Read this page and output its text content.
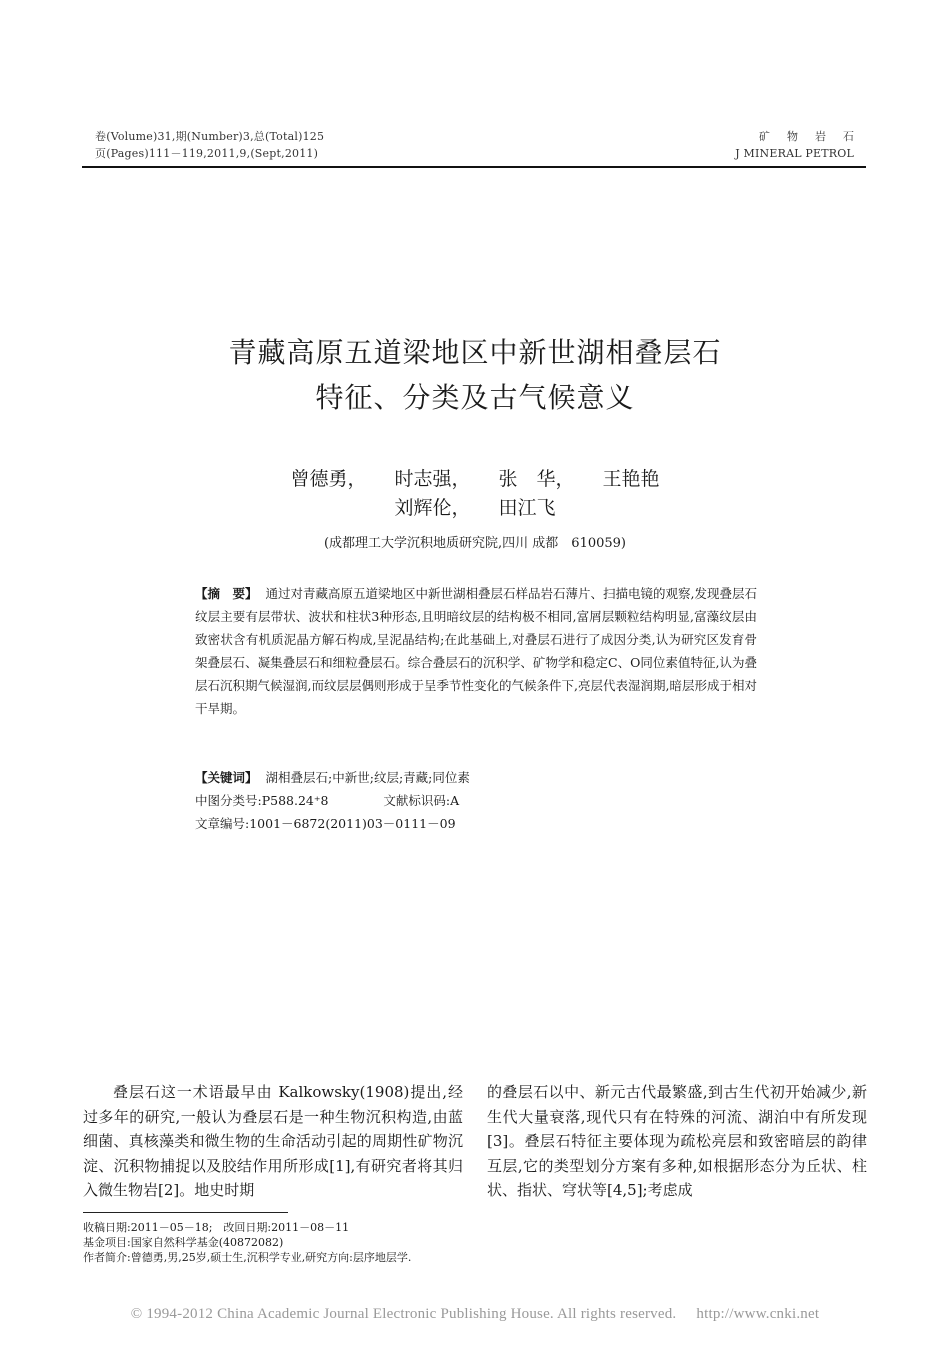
卷(Volume)31,期(Number)3,总(Total)125
页(Pages)111－119,2011,9,(Sept,2011)
矿物岩石
J MINERAL PETROL
青藏高原五道梁地区中新世湖相叠层石
特征、分类及古气候意义
曾德勇， 时志强， 张　华， 王艳艳
刘辉伦， 田江飞
(成都理工大学沉积地质研究院,四川 成都　610059)
【摘　要】 通过对青藏高原五道梁地区中新世湖相叠层石样品岩石薄片、扫描电镜的观察,发现叠层石纹层主要有层带状、波状和柱状3种形态,且明暗纹层的结构极不相同,富屑层颗粒结构明显,富藻纹层由致密状含有机质泥晶方解石构成,呈泥晶结构;在此基础上,对叠层石进行了成因分类,认为研究区发育骨架叠层石、凝集叠层石和细粒叠层石。综合叠层石的沉积学、矿物学和稳定C、O同位素值特征,认为叠层石沉积期气候湿润,而纹层层偶则形成于呈季节性变化的气候条件下,亮层代表湿润期,暗层形成于相对干旱期。
【关键词】 湖相叠层石;中新世;纹层;青藏;同位素
中图分类号:P588.24⁺8	文献标识码:A
文章编号:1001－6872(2011)03－0111－09

叠层石这一术语最早由 Kalkowsky(1908)提出,经过多年的研究,一般认为叠层石是一种生物沉积构造,由蓝细菌、真核藻类和微生物的生命活动引起的周期性矿物沉淀、沉积物捕捉以及胶结作用所形成[1],有研究者将其归入微生物岩[2]。地史时期

的叠层石以中、新元古代最繁盛,到古生代初开始减少,新生代大量衰落,现代只有在特殊的河流、湖泊中有所发现[3]。叠层石特征主要体现为疏松亮层和致密暗层的韵律互层,它的类型划分方案有多种,如根据形态分为丘状、柱状、指状、穹状等[4,5];考虑成

收稿日期:2011－05－18;　改回日期:2011－08－11
基金项目:国家自然科学基金(40872082)
作者简介:曾德勇,男,25岁,硕士生,沉积学专业,研究方向:层序地层学.
© 1994-2012 China Academic Journal Electronic Publishing House. All rights reserved. http://www.cnki.net
